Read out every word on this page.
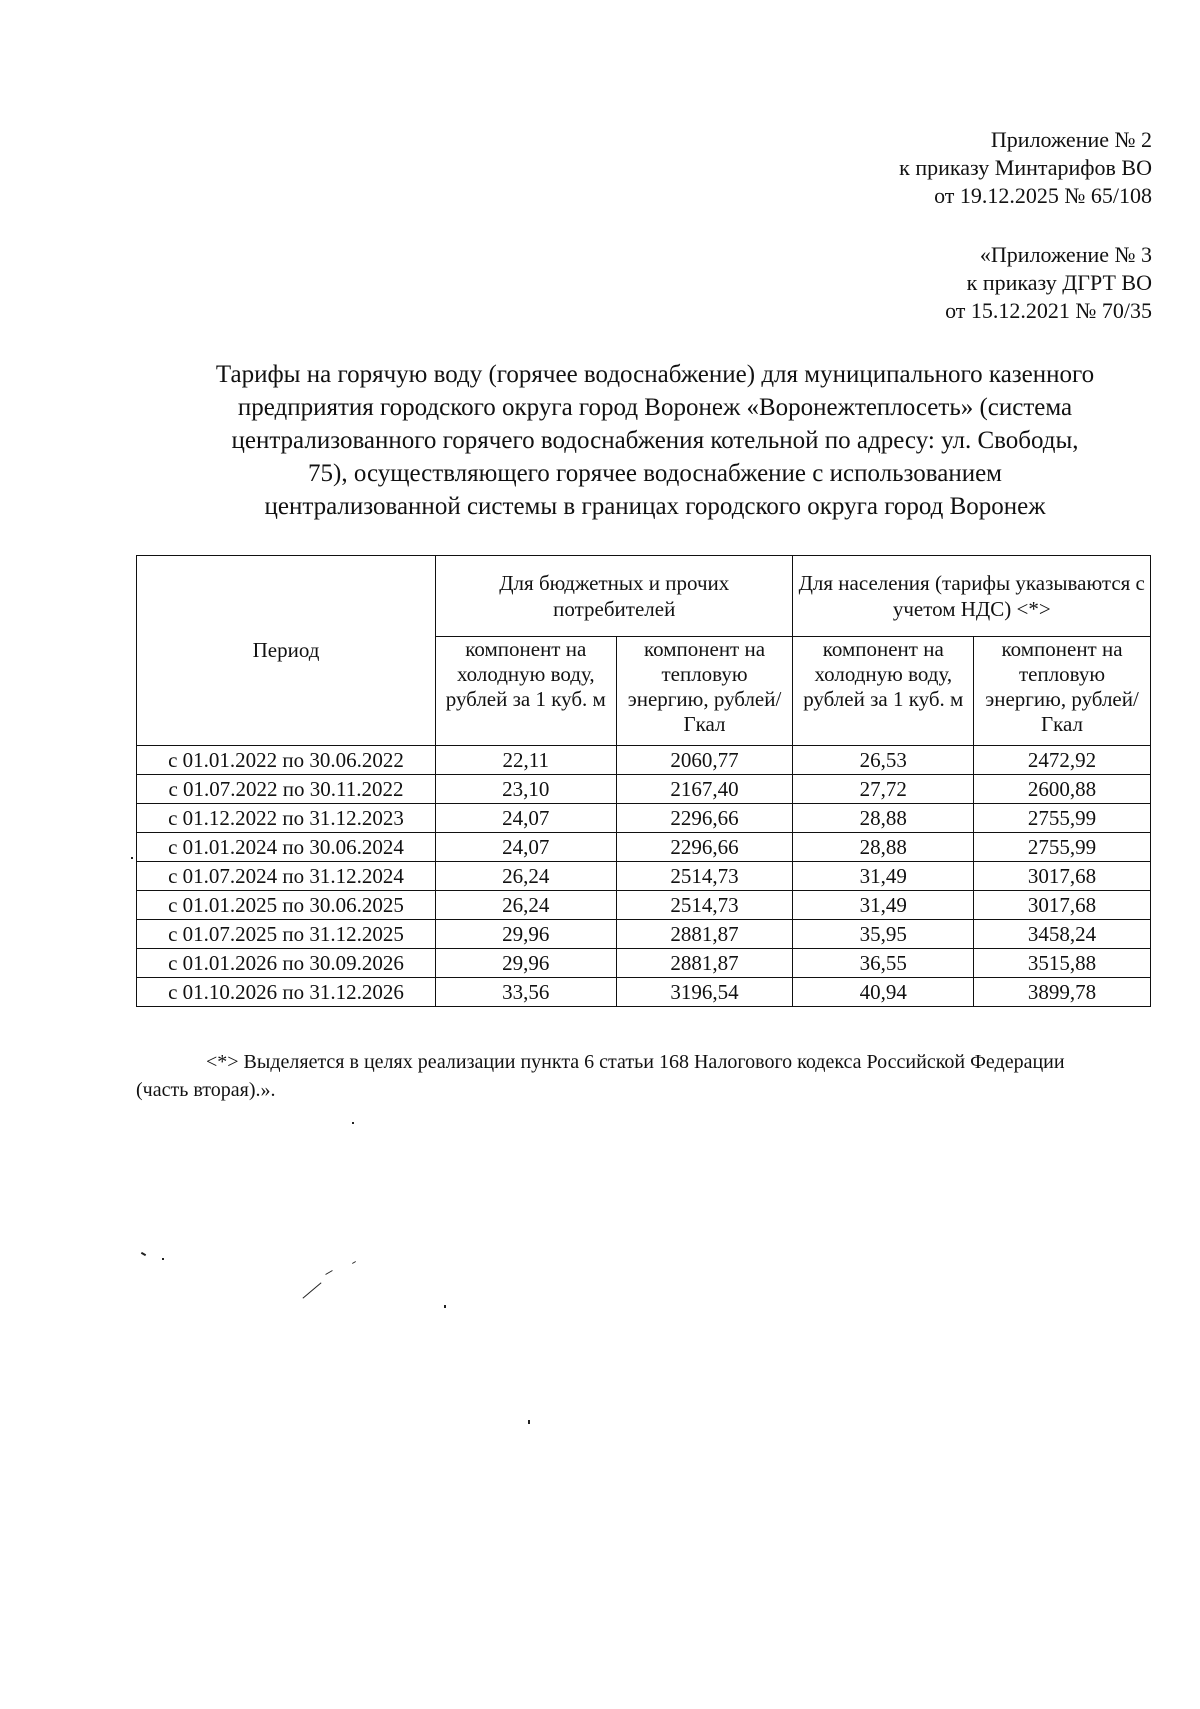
Приложение № 2
к приказу Минтарифов ВО
от 19.12.2025 № 65/108
«Приложение № 3
к приказу ДГРТ ВО
от 15.12.2021 № 70/35
Тарифы на горячую воду (горячее водоснабжение) для муниципального казенного
предприятия городского округа город Воронеж «Воронежтеплосеть» (система
централизованного горячего водоснабжения котельной по адресу: ул. Свободы,
75), осуществляющего горячее водоснабжение с использованием
централизованной системы в границах городского округа город Воронеж
Период	Для бюджетных и прочих потребителей		Для населения (тарифы указываются с учетом НДС) <*>	
	компонент на холодную воду, рублей за 1 куб. м	компонент на тепловую энергию, рублей/Гкал	компонент на холодную воду, рублей за 1 куб. м	компонент на тепловую энергию, рублей/Гкал
с 01.01.2022 по 30.06.2022	22,11	2060,77	26,53	2472,92
с 01.07.2022 по 30.11.2022	23,10	2167,40	27,72	2600,88
с 01.12.2022 по 31.12.2023	24,07	2296,66	28,88	2755,99
с 01.01.2024 по 30.06.2024	24,07	2296,66	28,88	2755,99
с 01.07.2024 по 31.12.2024	26,24	2514,73	31,49	3017,68
с 01.01.2025 по 30.06.2025	26,24	2514,73	31,49	3017,68
с 01.07.2025 по 31.12.2025	29,96	2881,87	35,95	3458,24
с 01.01.2026 по 30.09.2026	29,96	2881,87	36,55	3515,88
с 01.10.2026 по 31.12.2026	33,56	3196,54	40,94	3899,78
<*> Выделяется в целях реализации пункта 6 статьи 168 Налогового кодекса Российской Федерации
(часть вторая).».
